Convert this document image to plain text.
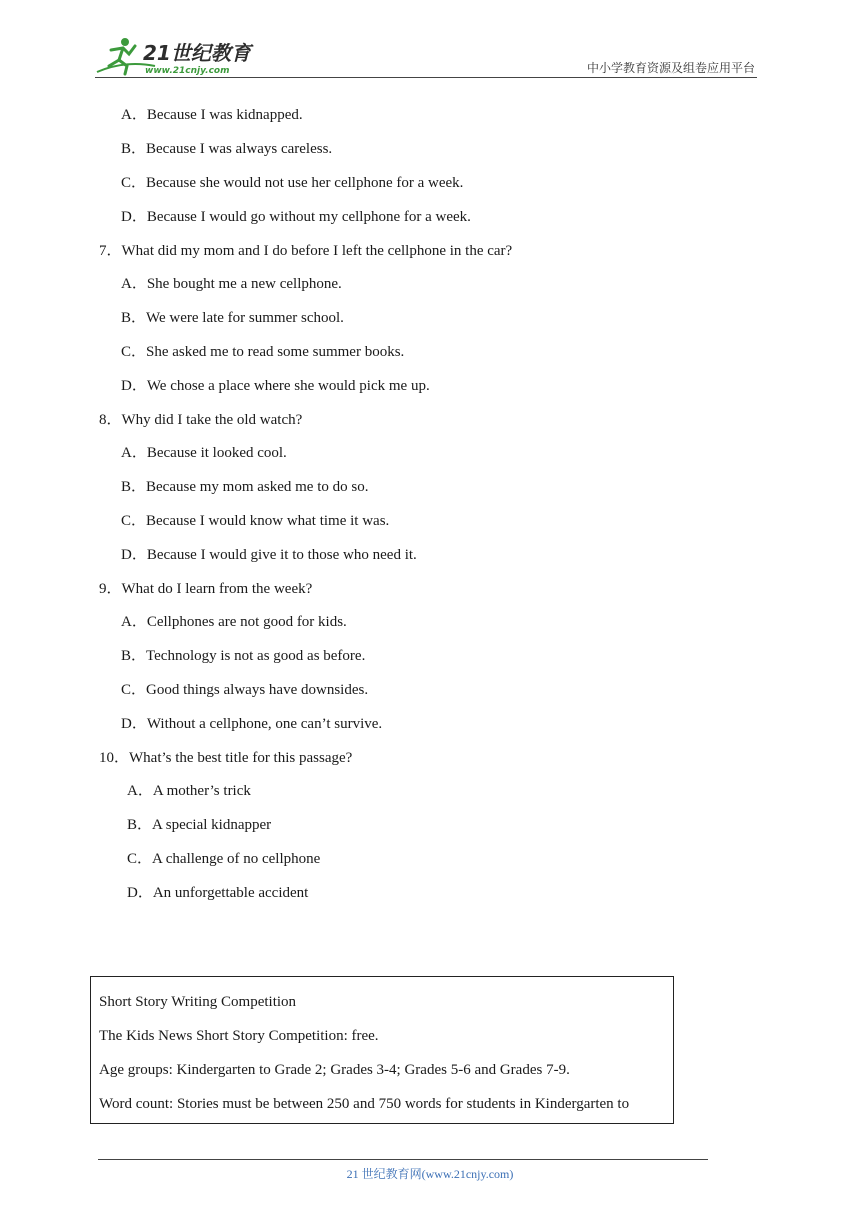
21世纪教育
www.21cnjy.com	中小学教育资源及组卷应用平台
A．Because I was kidnapped.
B．Because I was always careless.
C．Because she would not use her cellphone for a week.
D．Because I would go without my cellphone for a week.
7．What did my mom and I do before I left the cellphone in the car?
A．She bought me a new cellphone.
B．We were late for summer school.
C．She asked me to read some summer books.
D．We chose a place where she would pick me up.
8．Why did I take the old watch?
A．Because it looked cool.
B．Because my mom asked me to do so.
C．Because I would know what time it was.
D．Because I would give it to those who need it.
9．What do I learn from the week?
A．Cellphones are not good for kids.
B．Technology is not as good as before.
C．Good things always have downsides.
D．Without a cellphone, one can’t survive.
10．What’s the best title for this passage?
A．A mother’s trick
B．A special kidnapper
C．A challenge of no cellphone
D．An unforgettable accident
Short Story Writing Competition
The Kids News Short Story Competition: free.
Age groups: Kindergarten to Grade 2; Grades 3-4; Grades 5-6 and Grades 7-9.
Word count: Stories must be between 250 and 750 words for students in Kindergarten to
21 世纪教育网(www.21cnjy.com)
